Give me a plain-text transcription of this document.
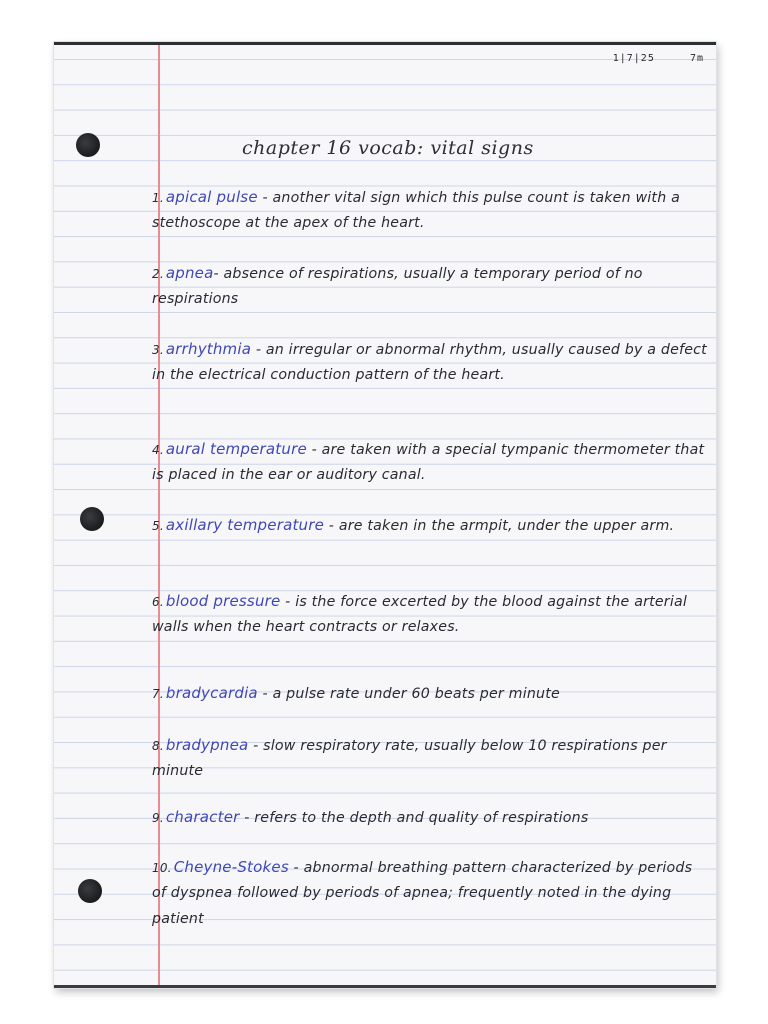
1|7|25	7m
chapter 16 vocab: vital signs
1. apical pulse - another vital sign which this pulse count is taken with a stethoscope at the apex of the heart.
2. apnea- absence of respirations, usually a temporary period of no respirations
3. arrhythmia - an irregular or abnormal rhythm, usually caused by a defect in the electrical conduction pattern of the heart.
4. aural temperature - are taken with a special tympanic thermometer that is placed in the ear or auditory canal.
5. axillary temperature - are taken in the armpit, under the upper arm.
6. blood pressure - is the force excerted by the blood against the arterial walls when the heart contracts or relaxes.
7. bradycardia - a pulse rate under 60 beats per minute
8. bradypnea - slow respiratory rate, usually below 10 respirations per minute
9. character - refers to the depth and quality of respirations
10. Cheyne-Stokes - abnormal breathing pattern characterized by periods of dyspnea followed by periods of apnea; frequently noted in the dying patient
